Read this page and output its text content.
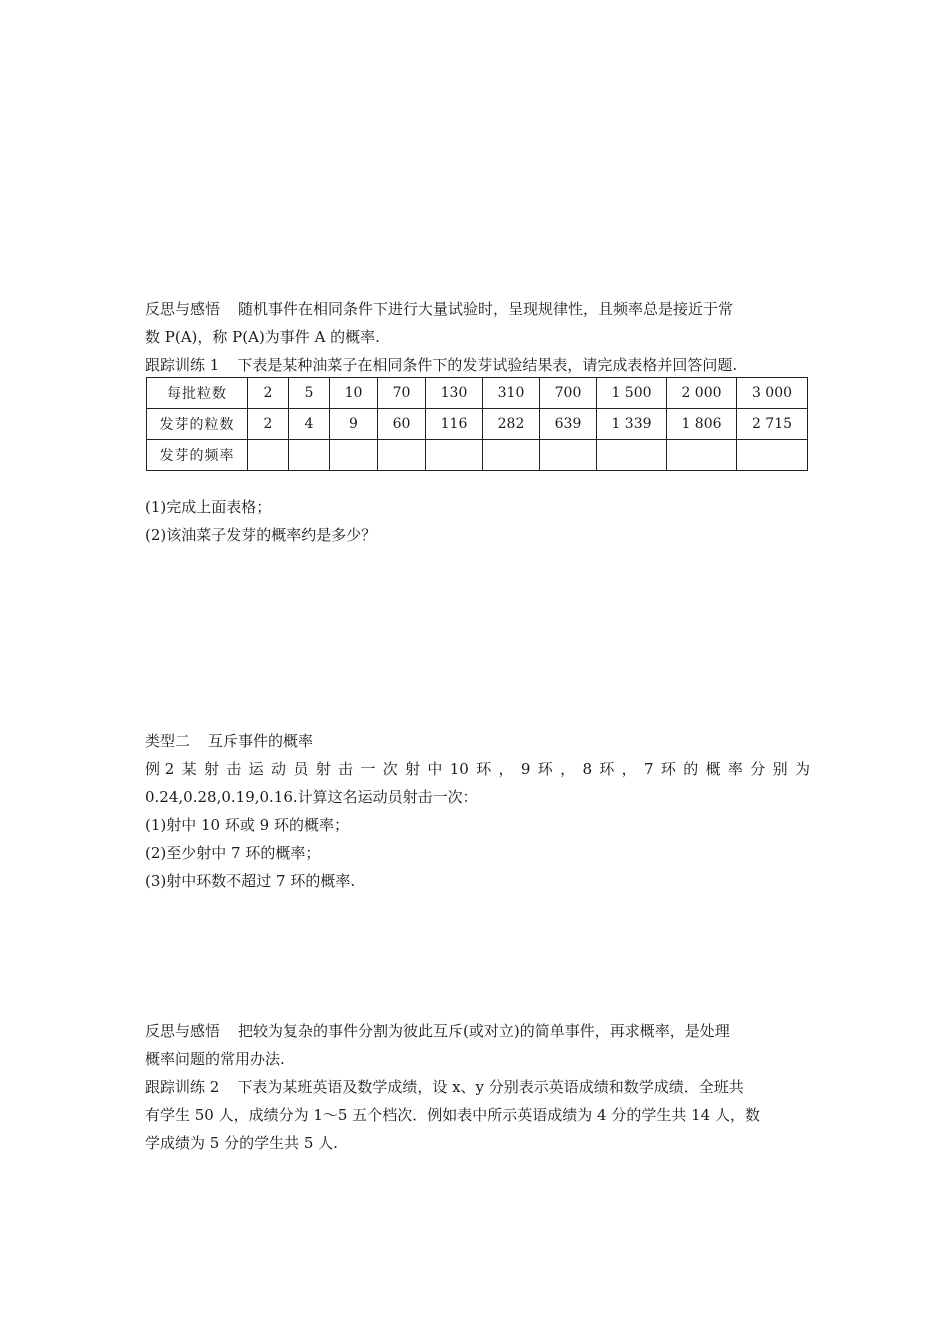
反思与感悟 随机事件在相同条件下进行大量试验时，呈现规律性，且频率总是接近于常
数 P(A)，称 P(A)为事件 A 的概率.
跟踪训练 1 下表是某种油菜子在相同条件下的发芽试验结果表，请完成表格并回答问题.
每批粒数	2	5	10	70	130	310	700	1 500	2 000	3 000
发芽的粒数	2	4	9	60	116	282	639	1 339	1 806	2 715
发芽的频率										
(1)完成上面表格；
(2)该油菜子发芽的概率约是多少？
类型二 互斥事件的概率
例 2 某 射 击 运 动 员 射 击 一 次 射 中 10 环 ， 9 环 ， 8 环 ， 7 环 的 概 率 分 别 为
0.24,0.28,0.19,0.16.计算这名运动员射击一次：
(1)射中 10 环或 9 环的概率；
(2)至少射中 7 环的概率；
(3)射中环数不超过 7 环的概率.
反思与感悟 把较为复杂的事件分割为彼此互斥(或对立)的简单事件，再求概率，是处理
概率问题的常用办法.
跟踪训练 2 下表为某班英语及数学成绩，设 x、y 分别表示英语成绩和数学成绩．全班共
有学生 50 人，成绩分为 1～5 五个档次．例如表中所示英语成绩为 4 分的学生共 14 人，数
学成绩为 5 分的学生共 5 人.
